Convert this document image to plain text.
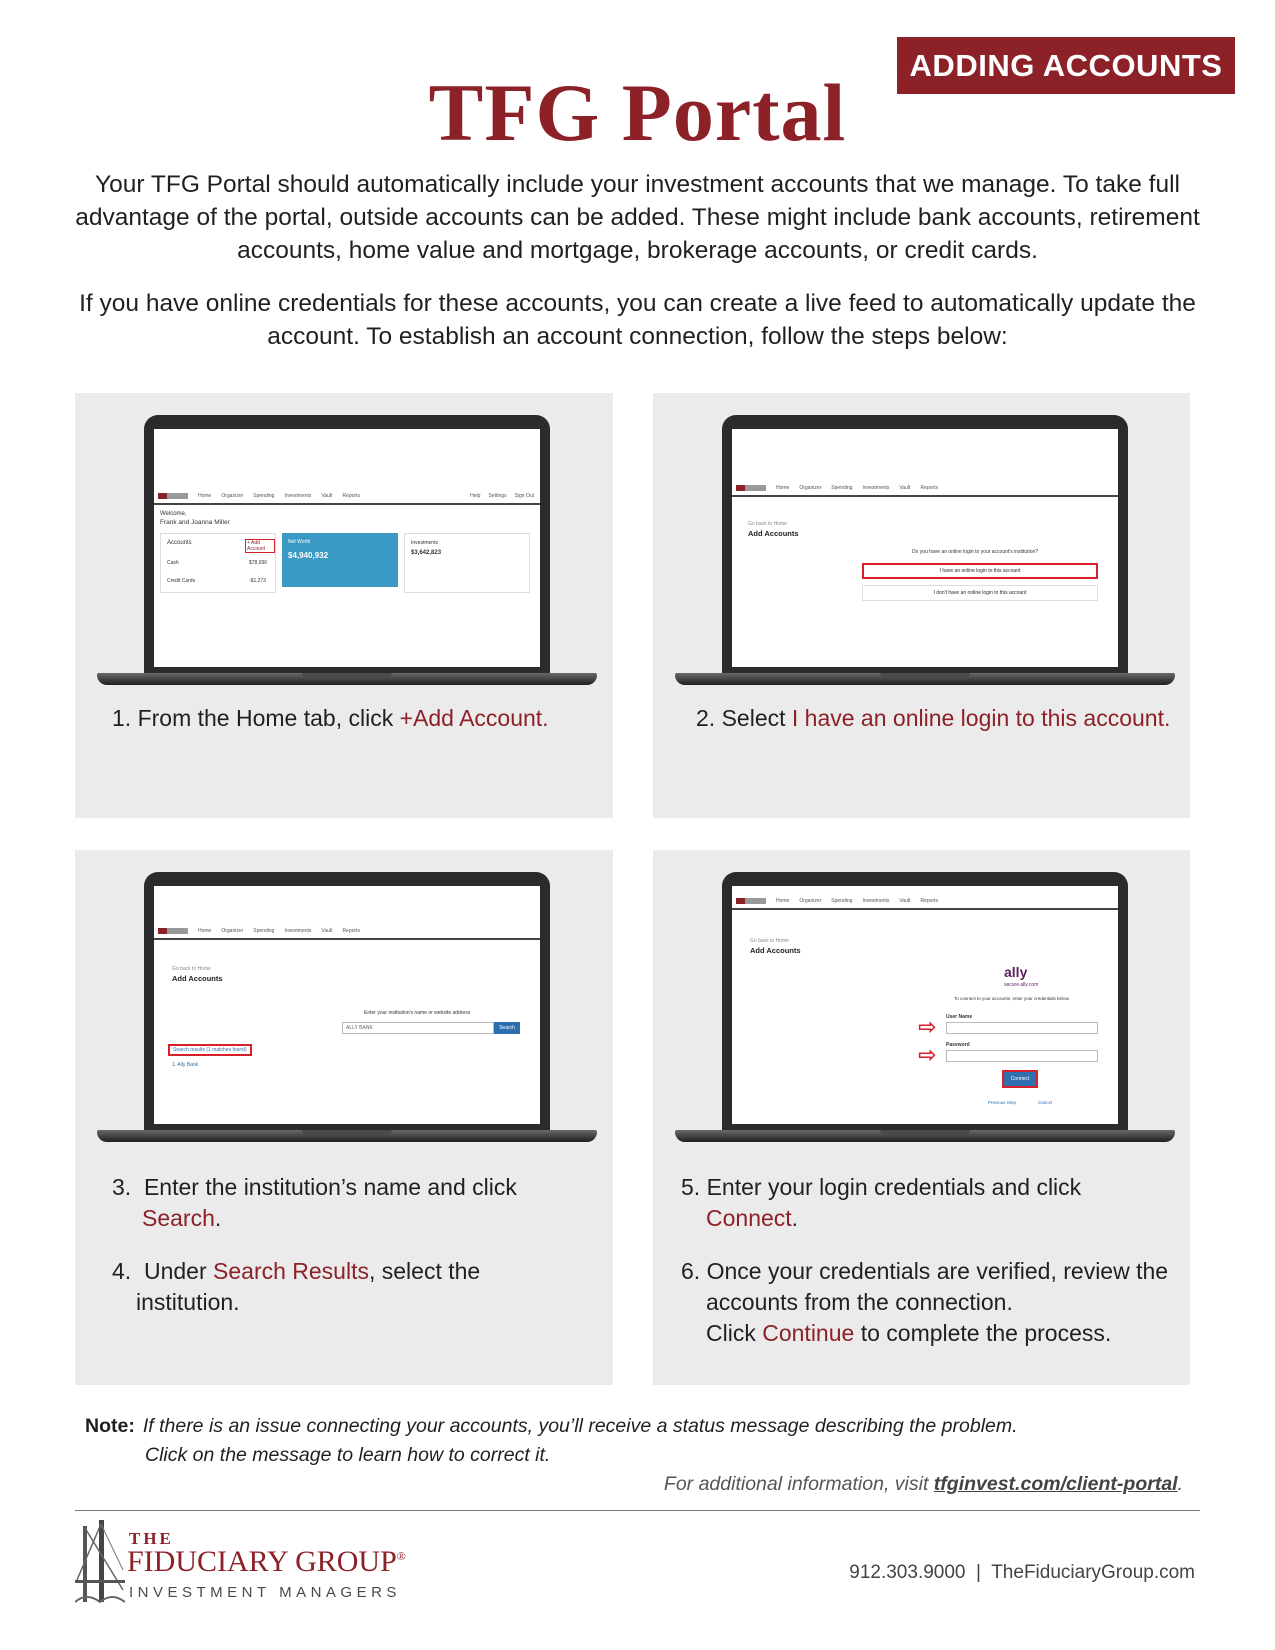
ADDING ACCOUNTS
TFG Portal

Your TFG Portal should automatically include your investment accounts that we manage. To take full advantage of the portal, outside accounts can be added. These might include bank accounts, retirement accounts, home value and mortgage, brokerage accounts, or credit cards.

If you have online credentials for these accounts, you can create a live feed to automatically update the account. To establish an account connection, follow the steps below:

Home Organizer Spending Investments Vault Reports	Help Settings Sign Out
Welcome,
Frank and Joanna Miller
Accounts	+ Add Account
Cash	$78,936
Credit Cards	-$1,273
Net Worth
$4,940,932
Investments
$3,642,823
1. From the Home tab, click +Add Account.
Home Organizer Spending Investments Vault Reports
Go back to Home
Add Accounts
Do you have an online login to your account's institution?
I have an online login to this account
I don't have an online login to this account
2. Select I have an online login to this account.
Home Organizer Spending Investments Vault Reports
Go back to Home
Add Accounts
Enter your institution's name or website address
ALLY BANK	Search
Search results (1 matches found)
1. Ally Bank
3. Enter the institution’s name and click
Search.
4. Under Search Results, select the
institution.
Home Organizer Spending Investments Vault Reports
Go back to Home
Add Accounts
ally
secure.ally.com
To connect to your accounts, enter your credentials below.
User Name
⇨
Password
⇨
Connect
Previous Step	Cancel
5. Enter your login credentials and click
Connect.
6. Once your credentials are verified, review the
accounts from the connection.
Click Continue to complete the process.
Note: If there is an issue connecting your accounts, you’ll receive a status message describing the problem.
Click on the message to learn how to correct it.
For additional information, visit tfginvest.com/client-portal.
THE
FIDUCIARY GROUP®
INVESTMENT MANAGERS
912.303.9000  |  TheFiduciaryGroup.com
